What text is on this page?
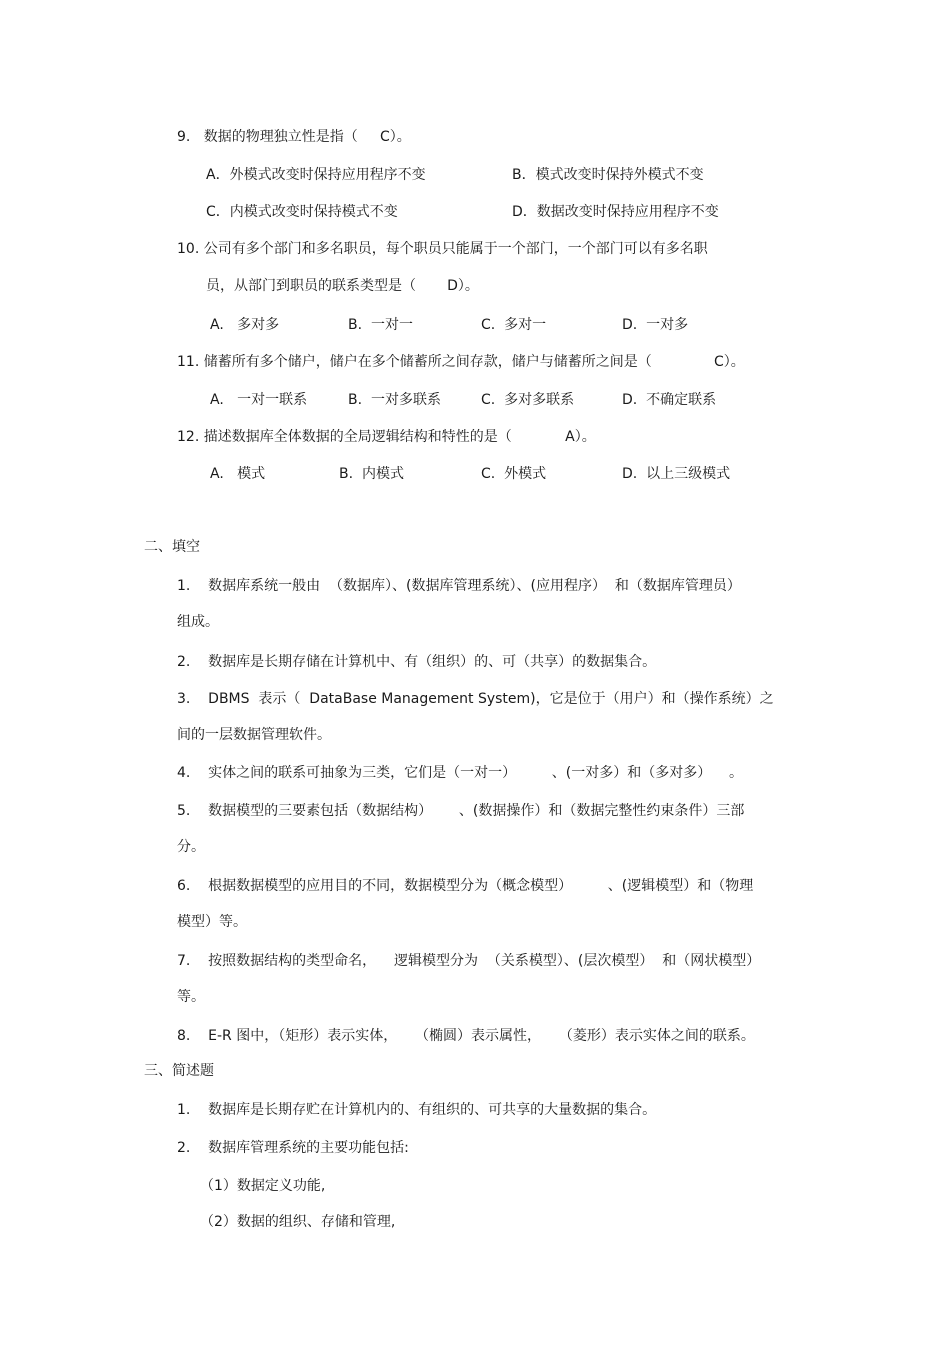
9.   数据的物理独立性是指（     C）。
A．外模式改变时保持应用程序不变	B．模式改变时保持外模式不变
C．内模式改变时保持模式不变	D．数据改变时保持应用程序不变
10. 公司有多个部门和多名职员，每个职员只能属于一个部门，一个部门可以有多名职
员，从部门到职员的联系类型是（       D）。
A.   多对多	B.  一对一	C.  多对一	D.  一对多
11. 储蓄所有多个储户，储户在多个储蓄所之间存款，储户与储蓄所之间是（              C）。
A.   一对一联系	B.  一对多联系	C.  多对多联系	D.  不确定联系
12. 描述数据库全体数据的全局逻辑结构和特性的是（            A）。
A.   模式	B.  内模式	C.  外模式	D.  以上三级模式
二、填空
1.    数据库系统一般由  （数据库）、(数据库管理系统）、(应用程序）  和（数据库管理员）
组成。
2.    数据库是长期存储在计算机中、有（组织）的、可（共享）的数据集合。
3.    DBMS  表示（  DataBase Management System)，它是位于（用户）和（操作系统）之
间的一层数据管理软件。
4.    实体之间的联系可抽象为三类，它们是（一对一）        、(一对多）和（多对多）    。
5.    数据模型的三要素包括（数据结构）      、(数据操作）和（数据完整性约束条件）三部
分。
6.    根据数据模型的应用目的不同，数据模型分为（概念模型）        、(逻辑模型）和（物理
模型）等。
7.    按照数据结构的类型命名，    逻辑模型分为  （关系模型）、(层次模型）  和（网状模型）
等。
8.    E-R 图中，（矩形）表示实体，    （椭圆）表示属性，    （菱形）表示实体之间的联系。
三、简述题
1.    数据库是长期存贮在计算机内的、有组织的、可共享的大量数据的集合。
2.    数据库管理系统的主要功能包括:
（1）数据定义功能,
（2）数据的组织、存储和管理,
